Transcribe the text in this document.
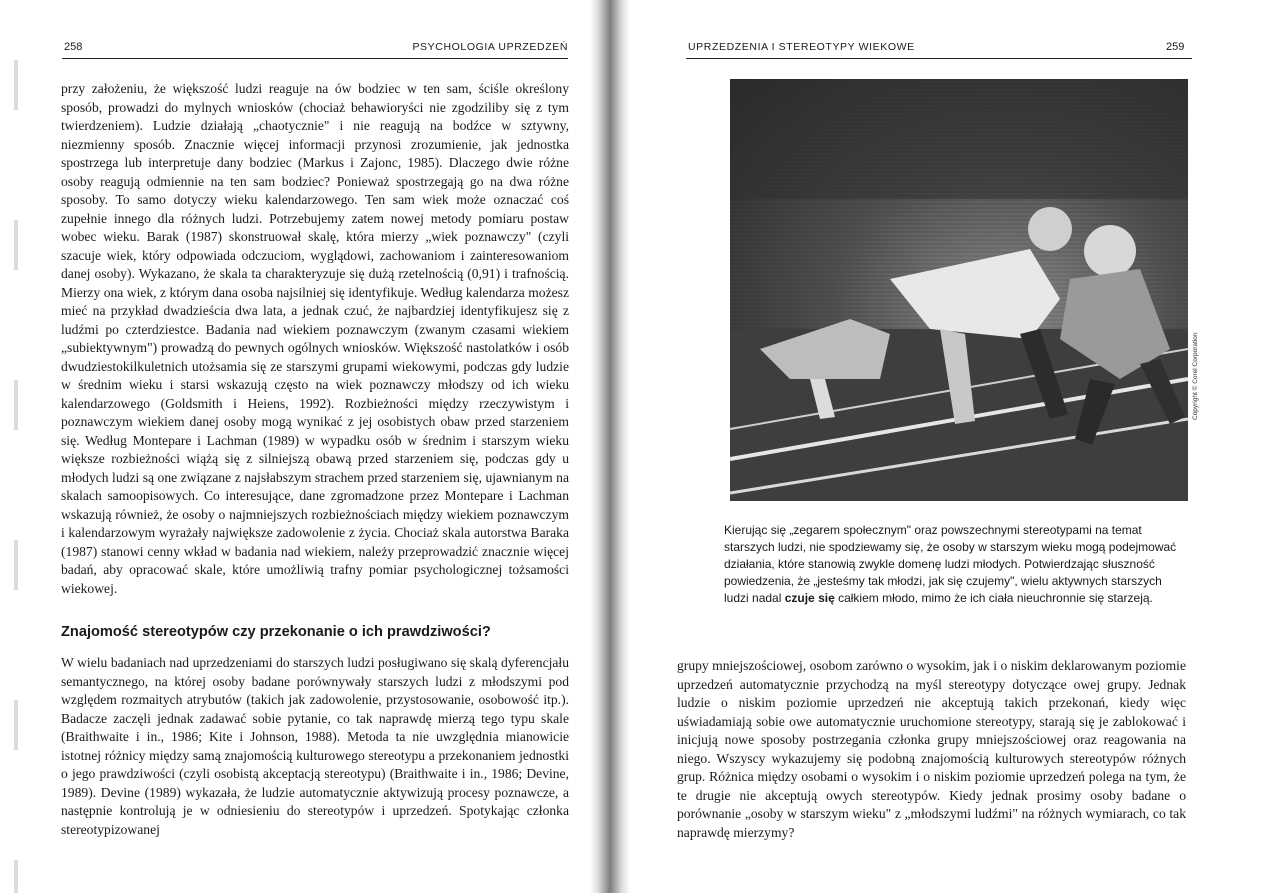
258	PSYCHOLOGIA UPRZEDZEŃ

przy założeniu, że większość ludzi reaguje na ów bodziec w ten sam, ściśle określony sposób, prowadzi do mylnych wniosków (chociaż behawioryści nie zgodziliby się z tym twierdzeniem). Ludzie działają „chaotycznie" i nie reagują na bodźce w sztywny, niezmienny sposób. Znacznie więcej informacji przynosi zrozumienie, jak jednostka spostrzega lub interpretuje dany bodziec (Markus i Zajonc, 1985). Dlaczego dwie różne osoby reagują odmiennie na ten sam bodziec? Ponieważ spostrzegają go na dwa różne sposoby. To samo dotyczy wieku kalendarzowego. Ten sam wiek może oznaczać coś zupełnie innego dla różnych ludzi. Potrzebujemy zatem nowej metody pomiaru postaw wobec wieku. Barak (1987) skonstruował skalę, która mierzy „wiek poznawczy" (czyli szacuje wiek, który odpowiada odczuciom, wyglądowi, zachowaniom i zainteresowaniom danej osoby). Wykazano, że skala ta charakteryzuje się dużą rzetelnością (0,91) i trafnością. Mierzy ona wiek, z którym dana osoba najsilniej się identyfikuje. Według kalendarza możesz mieć na przykład dwadzieścia dwa lata, a jednak czuć, że najbardziej identyfikujesz się z ludźmi po czterdziestce. Badania nad wiekiem poznawczym (zwanym czasami wiekiem „subiektywnym") prowadzą do pewnych ogólnych wniosków. Większość nastolatków i osób dwudziestokilkuletnich utożsamia się ze starszymi grupami wiekowymi, podczas gdy ludzie w średnim wieku i starsi wskazują często na wiek poznawczy młodszy od ich wieku kalendarzowego (Goldsmith i Heiens, 1992). Rozbieżności między rzeczywistym i poznawczym wiekiem danej osoby mogą wynikać z jej osobistych obaw przed starzeniem się. Według Montepare i Lachman (1989) w wypadku osób w średnim i starszym wieku większe rozbieżności wiążą się z silniejszą obawą przed starzeniem się, podczas gdy u młodych ludzi są one związane z najsłabszym strachem przed starzeniem się, ujawnianym na skalach samoopisowych. Co interesujące, dane zgromadzone przez Montepare i Lachman wskazują również, że osoby o najmniejszych rozbieżnościach między wiekiem poznawczym i kalendarzowym wyrażały największe zadowolenie z życia. Chociaż skala autorstwa Baraka (1987) stanowi cenny wkład w badania nad wiekiem, należy przeprowadzić znacznie więcej badań, aby opracować skale, które umożliwią trafny pomiar psychologicznej tożsamości wiekowej.

Znajomość stereotypów czy przekonanie o ich prawdziwości?

W wielu badaniach nad uprzedzeniami do starszych ludzi posługiwano się skalą dyferencjału semantycznego, na której osoby badane porównywały starszych ludzi z młodszymi pod względem rozmaitych atrybutów (takich jak zadowolenie, przystosowanie, osobowość itp.). Badacze zaczęli jednak zadawać sobie pytanie, co tak naprawdę mierzą tego typu skale (Braithwaite i in., 1986; Kite i Johnson, 1988). Metoda ta nie uwzględnia mianowicie istotnej różnicy między samą znajomością kulturowego stereotypu a przekonaniem jednostki o jego prawdziwości (czyli osobistą akceptacją stereotypu) (Braithwaite i in., 1986; Devine, 1989). Devine (1989) wykazała, że ludzie automatycznie aktywizują procesy poznawcze, a następnie kontrolują je w odniesieniu do stereotypów i uprzedzeń. Spotykając członka stereotypizowanej

UPRZEDZENIA I STEREOTYPY WIEKOWE	259
Copyright © Corel Corporation
Kierując się „zegarem społecznym" oraz powszechnymi stereotypami na temat starszych ludzi, nie spodziewamy się, że osoby w starszym wieku mogą podejmować działania, które stanowią zwykle domenę ludzi młodych. Potwierdzając słuszność powiedzenia, że „jesteśmy tak młodzi, jak się czujemy", wielu aktywnych starszych ludzi nadal czuje się całkiem młodo, mimo że ich ciała nieuchronnie się starzeją.

grupy mniejszościowej, osobom zarówno o wysokim, jak i o niskim deklarowanym poziomie uprzedzeń automatycznie przychodzą na myśl stereotypy dotyczące owej grupy. Jednak ludzie o niskim poziomie uprzedzeń nie akceptują takich przekonań, kiedy więc uświadamiają sobie owe automatycznie uruchomione stereotypy, starają się je zablokować i inicjują nowe sposoby postrzegania członka grupy mniejszościowej oraz reagowania na niego. Wszyscy wykazujemy się podobną znajomością kulturowych stereotypów różnych grup. Różnica między osobami o wysokim i o niskim poziomie uprzedzeń polega na tym, że te drugie nie akceptują owych stereotypów. Kiedy jednak prosimy osoby badane o porównanie „osoby w starszym wieku" z „młodszymi ludźmi" na różnych wymiarach, co tak naprawdę mierzymy?
